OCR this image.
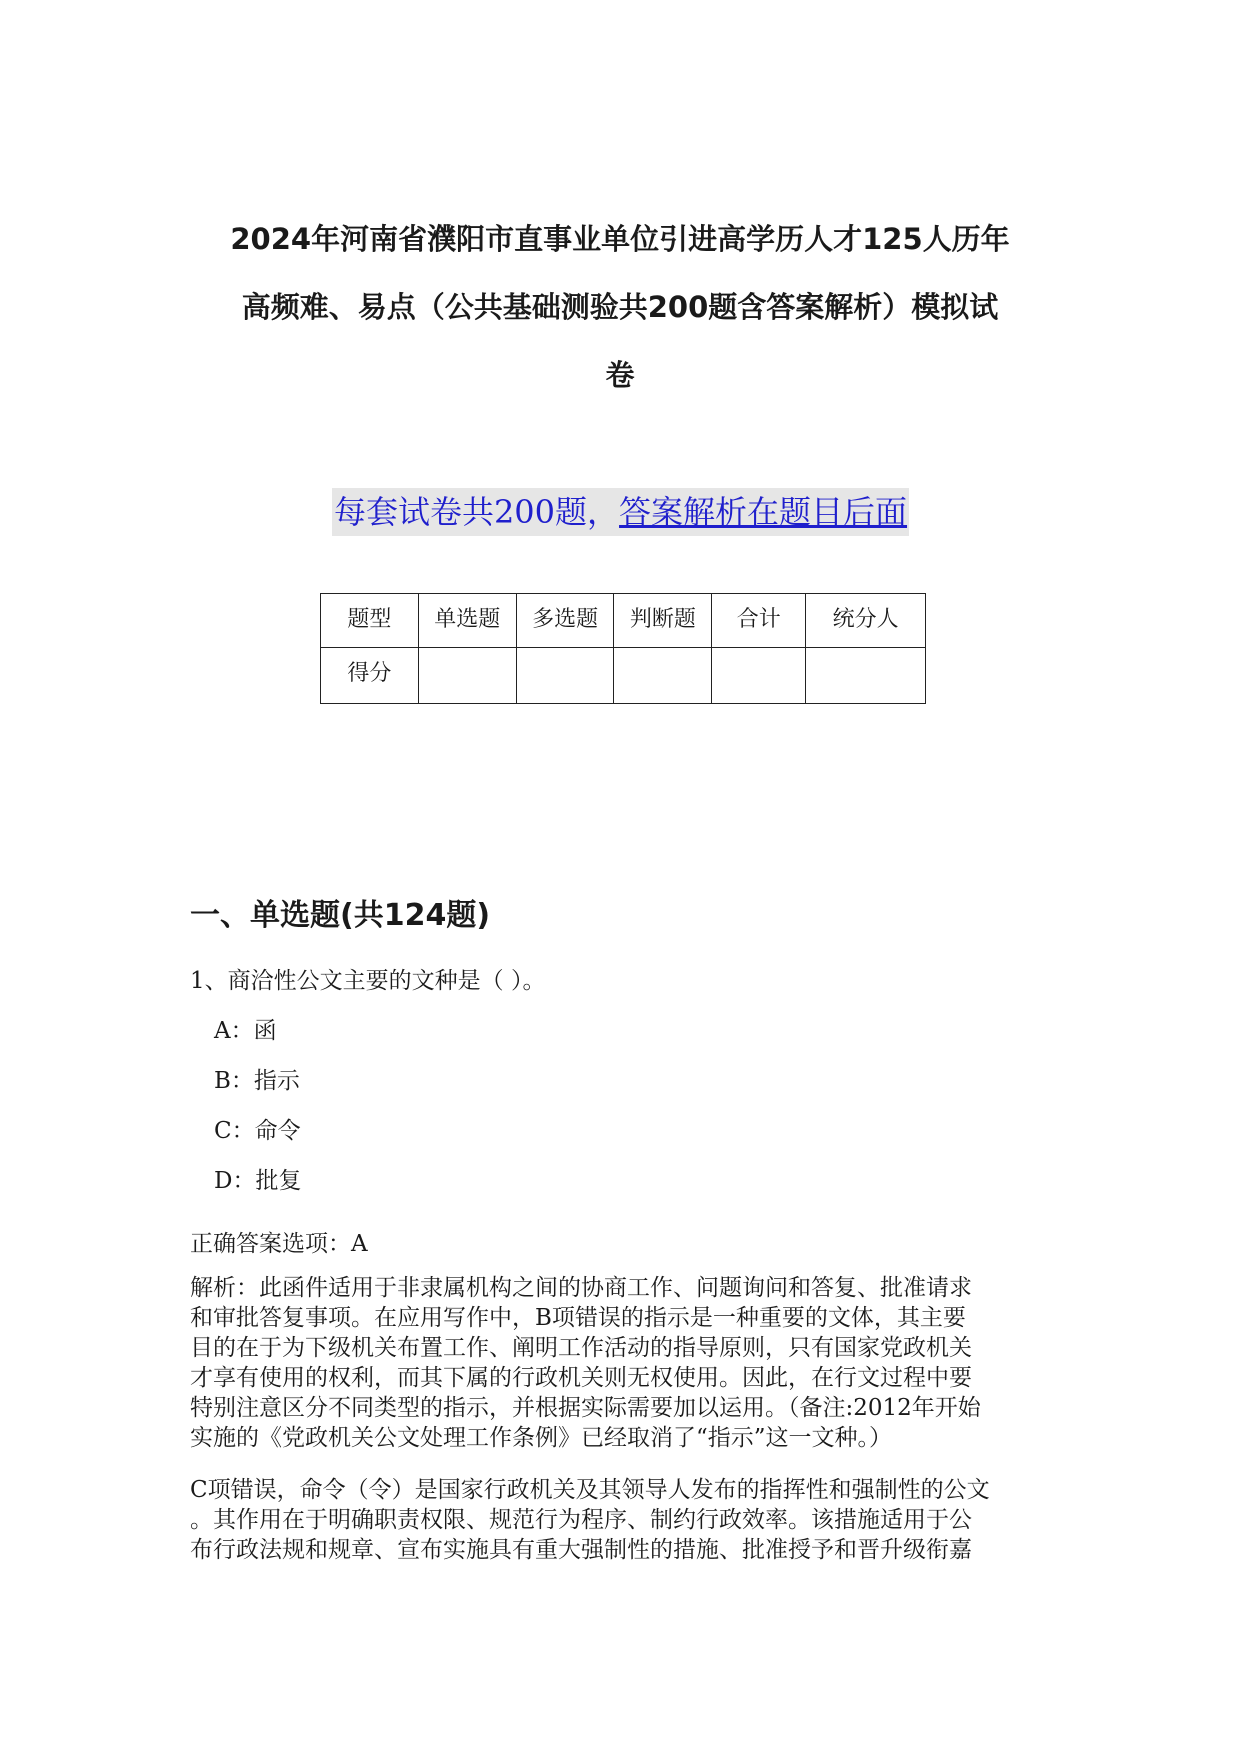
2024年河南省濮阳市直事业单位引进高学历人才125人历年
高频难、易点（公共基础测验共200题含答案解析）模拟试
卷
每套试卷共200题，答案解析在题目后面
题型	单选题	多选题	判断题	合计	统分人
得分					
一、单选题(共124题)

1、商洽性公文主要的文种是（ ）。

A：函

B：指示

C：命令

D：批复

正确答案选项：A

解析：此函件适用于非隶属机构之间的协商工作、问题询问和答复、批准请求
和审批答复事项。在应用写作中，B项错误的指示是一种重要的文体，其主要
目的在于为下级机关布置工作、阐明工作活动的指导原则，只有国家党政机关
才享有使用的权利，而其下属的行政机关则无权使用。因此，在行文过程中要
特别注意区分不同类型的指示，并根据实际需要加以运用。（备注:2012年开始
实施的《党政机关公文处理工作条例》已经取消了“指示”这一文种。）
C项错误，命令（令）是国家行政机关及其领导人发布的指挥性和强制性的公文
。其作用在于明确职责权限、规范行为程序、制约行政效率。该措施适用于公
布行政法规和规章、宣布实施具有重大强制性的措施、批准授予和晋升级衔嘉
